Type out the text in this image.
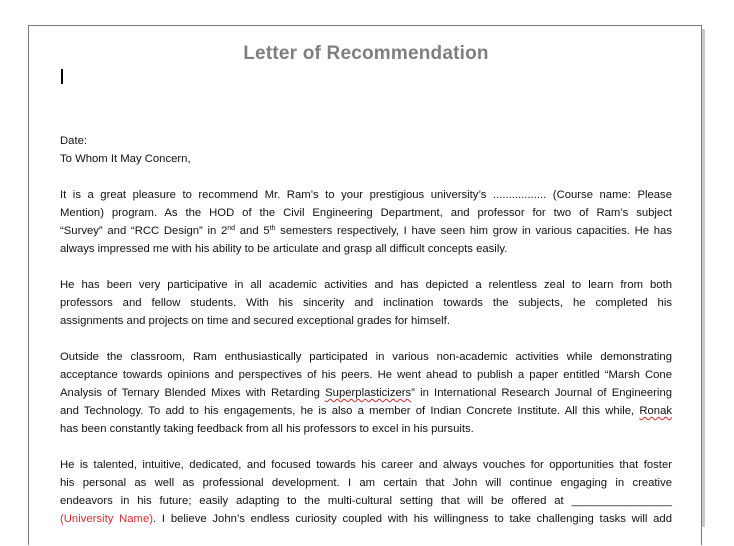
Letter of Recommendation
Date:
To Whom It May Concern,

It is a great pleasure to recommend Mr. Ram’s to your prestigious university’s ................. (Course name: Please
Mention) program. As the HOD of the Civil Engineering Department, and professor for two of Ram’s subject
“Survey” and “RCC Design” in 2nd and 5th semesters respectively, I have seen him grow in various capacities. He has
always impressed me with his ability to be articulate and grasp all difficult concepts easily.

He has been very participative in all academic activities and has depicted a relentless zeal to learn from both
professors and fellow students. With his sincerity and inclination towards the subjects, he completed his
assignments and projects on time and secured exceptional grades for himself.

Outside the classroom, Ram enthusiastically participated in various non-academic activities while demonstrating
acceptance towards opinions and perspectives of his peers. He went ahead to publish a paper entitled “Marsh Cone
Analysis of Ternary Blended Mixes with Retarding Superplasticizers” in International Research Journal of Engineering
and Technology. To add to his engagements, he is also a member of Indian Concrete Institute. All this while, Ronak
has been constantly taking feedback from all his professors to excel in his pursuits.

He is talented, intuitive, dedicated, and focused towards his career and always vouches for opportunities that foster
his personal as well as professional development. I am certain that John will continue engaging in creative
endeavors in his future; easily adapting to the multi-cultural setting that will be offered at ________________
(University Name). I believe John’s endless curiosity coupled with his willingness to take challenging tasks will add
